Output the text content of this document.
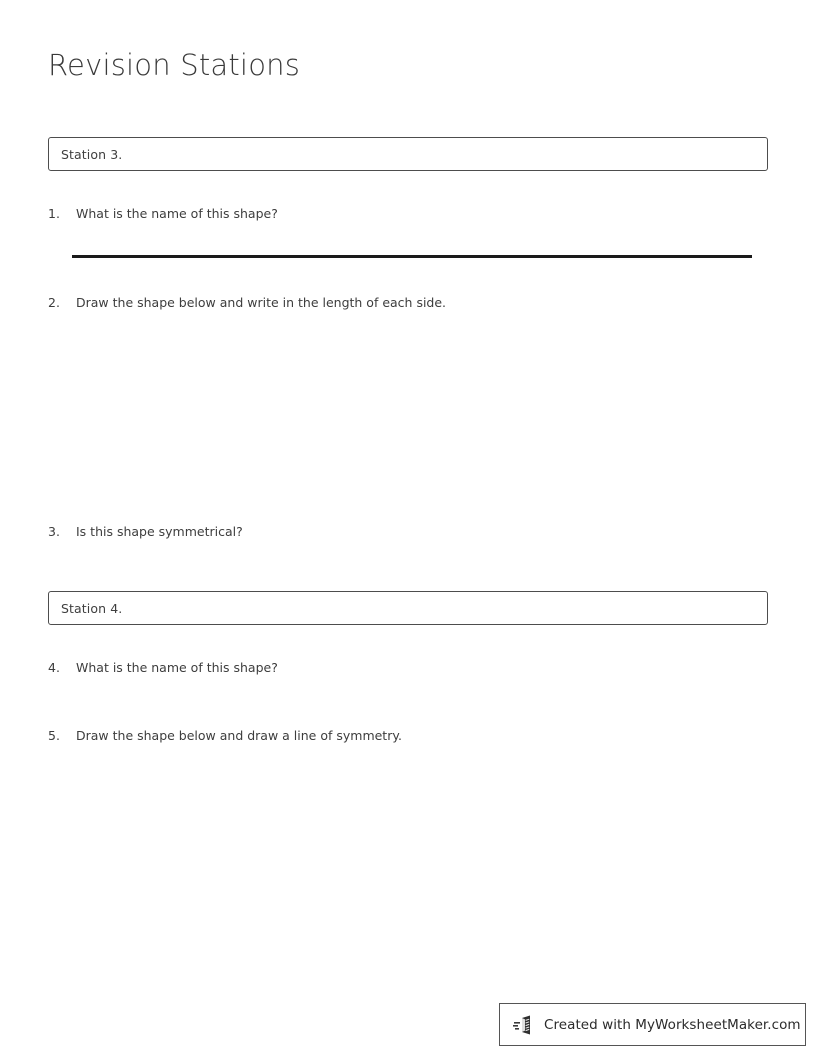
Revision Stations
Station 3.
1.	What is the name of this shape?
2.	Draw the shape below and write in the length of each side.
3.	Is this shape symmetrical?
Station 4.
4.	What is the name of this shape?
5.	Draw the shape below and draw a line of symmetry.
Created with MyWorksheetMaker.com
